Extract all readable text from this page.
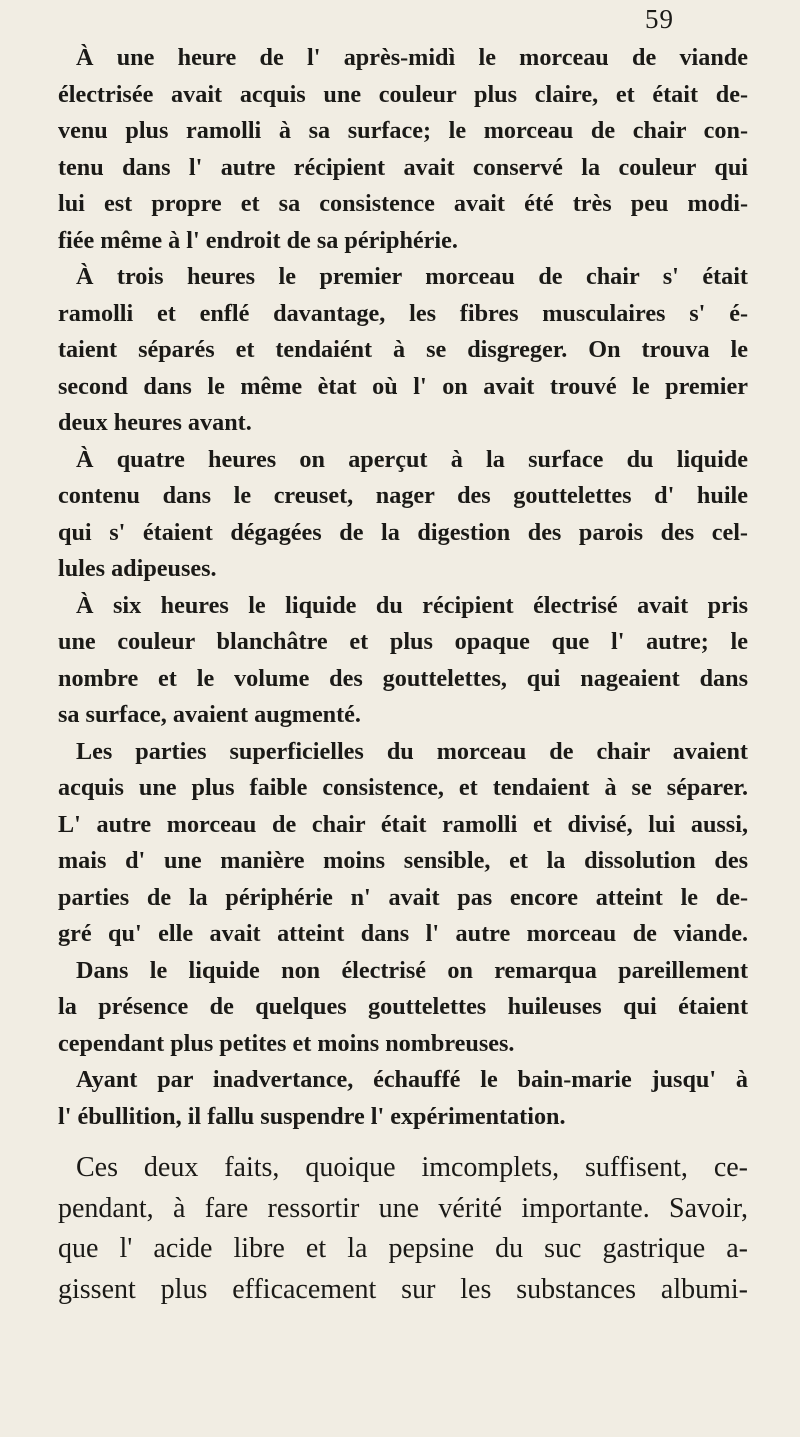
59
À une heure de l' après-midì le morceau de viande
électrisée avait acquis une couleur plus claire, et était de-
venu plus ramolli à sa surface; le morceau de chair con-
tenu dans l' autre récipient avait conservé la couleur qui
lui est propre et sa consistence avait été très peu modi-
fiée même à l' endroit de sa périphérie.
À trois heures le premier morceau de chair s' était
ramolli et enflé davantage, les fibres musculaires s' é-
taient séparés et tendaiént à se disgreger. On trouva le
second dans le même ètat où l' on avait trouvé le premier
deux heures avant.
À quatre heures on aperçut à la surface du liquide
contenu dans le creuset, nager des gouttelettes d' huile
qui s' étaient dégagées de la digestion des parois des cel-
lules adipeuses.
À six heures le liquide du récipient électrisé avait pris
une couleur blanchâtre et plus opaque que l' autre; le
nombre et le volume des gouttelettes, qui nageaient dans
sa surface, avaient augmenté.
Les parties superficielles du morceau de chair avaient
acquis une plus faible consistence, et tendaient à se séparer.
L' autre morceau de chair était ramolli et divisé, lui aussi,
mais d' une manière moins sensible, et la dissolution des
parties de la périphérie n' avait pas encore atteint le de-
gré qu' elle avait atteint dans l' autre morceau de viande.
Dans le liquide non électrisé on remarqua pareillement
la présence de quelques gouttelettes huileuses qui étaient
cependant plus petites et moins nombreuses.
Ayant par inadvertance, échauffé le bain-marie jusqu' à
l' ébullition, il fallu suspendre l' expérimentation.
Ces deux faits, quoique imcomplets, suffisent, ce-
pendant, à fare ressortir une vérité importante. Savoir,
que l' acide libre et la pepsine du suc gastrique a-
gissent plus efficacement sur les substances albumi-
